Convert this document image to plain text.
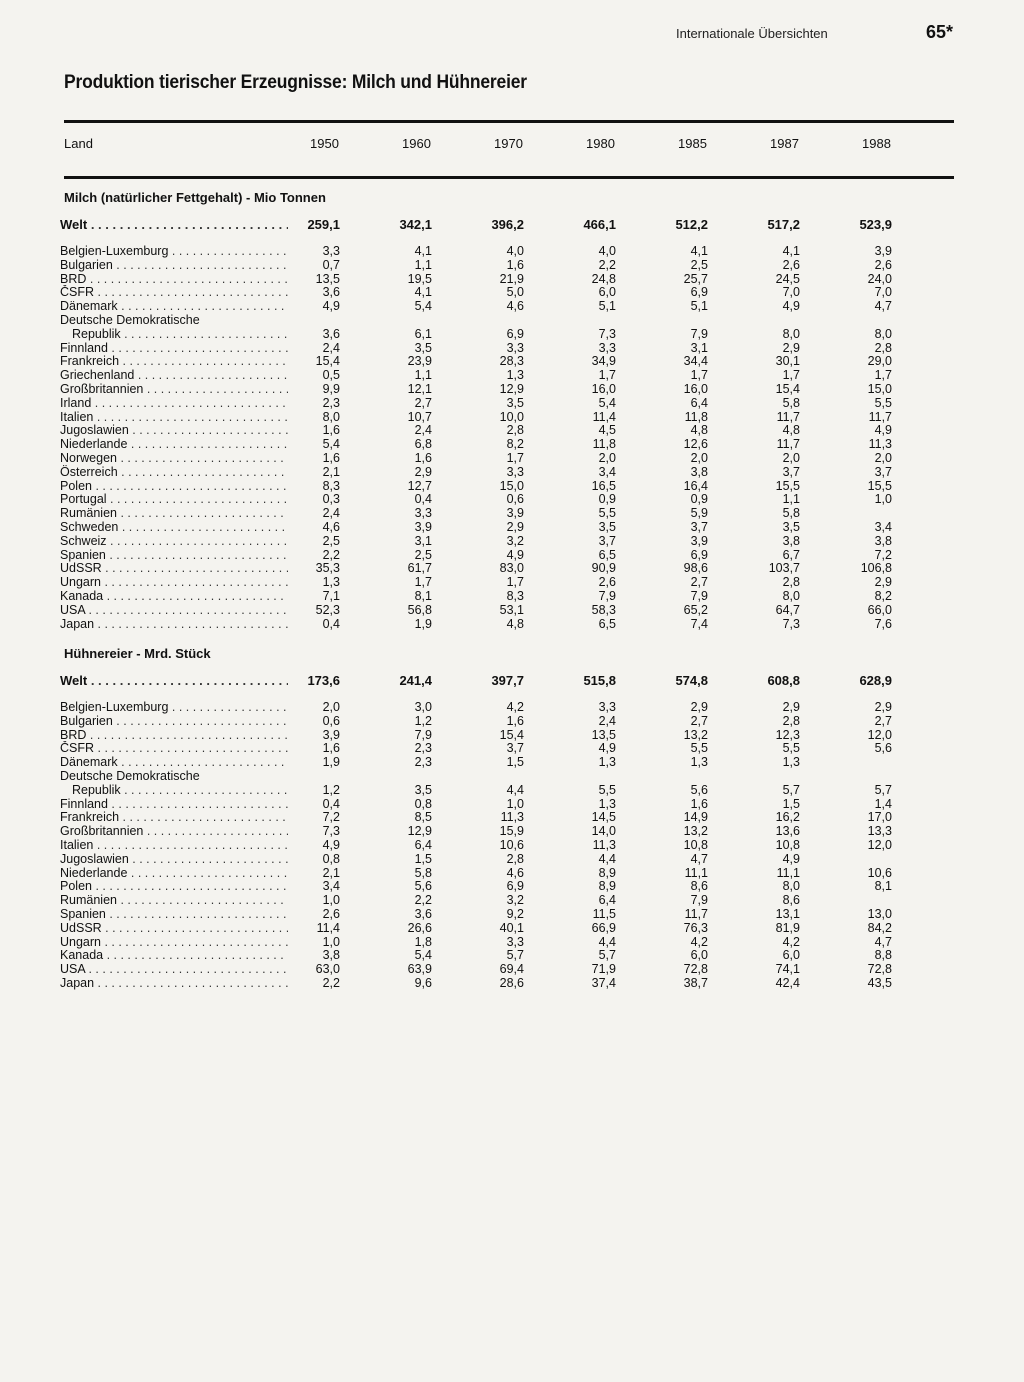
Internationale Übersichten	65*
Produktion tierischer Erzeugnisse: Milch und Hühnereier
Land	1950	1960	1970	1980	1985	1987	1988
Milch (natürlicher Fettgehalt) - Mio Tonnen
Welt . . .	259,1	342,1	396,2	466,1	512,2	517,2	523,9
Belgien-Luxemburg . . .	3,3	4,1	4,0	4,0	4,1	4,1	3,9
Bulgarien . . .	0,7	1,1	1,6	2,2	2,5	2,6	2,6
BRD . . .	13,5	19,5	21,9	24,8	25,7	24,5	24,0
ČSFR . . .	3,6	4,1	5,0	6,0	6,9	7,0	7,0
Dänemark . . .	4,9	5,4	4,6	5,1	5,1	4,9	4,7
Deutsche Demokratische
Republik . . .	3,6	6,1	6,9	7,3	7,9	8,0	8,0
Finnland . . .	2,4	3,5	3,3	3,3	3,1	2,9	2,8
Frankreich . . .	15,4	23,9	28,3	34,9	34,4	30,1	29,0
Griechenland . . .	0,5	1,1	1,3	1,7	1,7	1,7	1,7
Großbritannien . . .	9,9	12,1	12,9	16,0	16,0	15,4	15,0
Irland . . .	2,3	2,7	3,5	5,4	6,4	5,8	5,5
Italien . . .	8,0	10,7	10,0	11,4	11,8	11,7	11,7
Jugoslawien . . .	1,6	2,4	2,8	4,5	4,8	4,8	4,9
Niederlande . . .	5,4	6,8	8,2	11,8	12,6	11,7	11,3
Norwegen . . .	1,6	1,6	1,7	2,0	2,0	2,0	2,0
Österreich . . .	2,1	2,9	3,3	3,4	3,8	3,7	3,7
Polen . . .	8,3	12,7	15,0	16,5	16,4	15,5	15,5
Portugal . . .	0,3	0,4	0,6	0,9	0,9	1,1	1,0
Rumänien . . .	2,4	3,3	3,9	5,5	5,9	5,8
Schweden . . .	4,6	3,9	2,9	3,5	3,7	3,5	3,4
Schweiz . . .	2,5	3,1	3,2	3,7	3,9	3,8	3,8
Spanien . . .	2,2	2,5	4,9	6,5	6,9	6,7	7,2
UdSSR . . .	35,3	61,7	83,0	90,9	98,6	103,7	106,8
Ungarn . . .	1,3	1,7	1,7	2,6	2,7	2,8	2,9
Kanada . . .	7,1	8,1	8,3	7,9	7,9	8,0	8,2
USA . . .	52,3	56,8	53,1	58,3	65,2	64,7	66,0
Japan . . .	0,4	1,9	4,8	6,5	7,4	7,3	7,6
Hühnereier - Mrd. Stück
Welt . . .	173,6	241,4	397,7	515,8	574,8	608,8	628,9
Belgien-Luxemburg . . .	2,0	3,0	4,2	3,3	2,9	2,9	2,9
Bulgarien . . .	0,6	1,2	1,6	2,4	2,7	2,8	2,7
BRD . . .	3,9	7,9	15,4	13,5	13,2	12,3	12,0
ČSFR . . .	1,6	2,3	3,7	4,9	5,5	5,5	5,6
Dänemark . . .	1,9	2,3	1,5	1,3	1,3	1,3
Deutsche Demokratische
Republik . . .	1,2	3,5	4,4	5,5	5,6	5,7	5,7
Finnland . . .	0,4	0,8	1,0	1,3	1,6	1,5	1,4
Frankreich . . .	7,2	8,5	11,3	14,5	14,9	16,2	17,0
Großbritannien . . .	7,3	12,9	15,9	14,0	13,2	13,6	13,3
Italien . . .	4,9	6,4	10,6	11,3	10,8	10,8	12,0
Jugoslawien . . .	0,8	1,5	2,8	4,4	4,7	4,9
Niederlande . . .	2,1	5,8	4,6	8,9	11,1	11,1	10,6
Polen . . .	3,4	5,6	6,9	8,9	8,6	8,0	8,1
Rumänien . . .	1,0	2,2	3,2	6,4	7,9	8,6
Spanien . . .	2,6	3,6	9,2	11,5	11,7	13,1	13,0
UdSSR . . .	11,4	26,6	40,1	66,9	76,3	81,9	84,2
Ungarn . . .	1,0	1,8	3,3	4,4	4,2	4,2	4,7
Kanada . . .	3,8	5,4	5,7	5,7	6,0	6,0	8,8
USA . . .	63,0	63,9	69,4	71,9	72,8	74,1	72,8
Japan . . .	2,2	9,6	28,6	37,4	38,7	42,4	43,5
